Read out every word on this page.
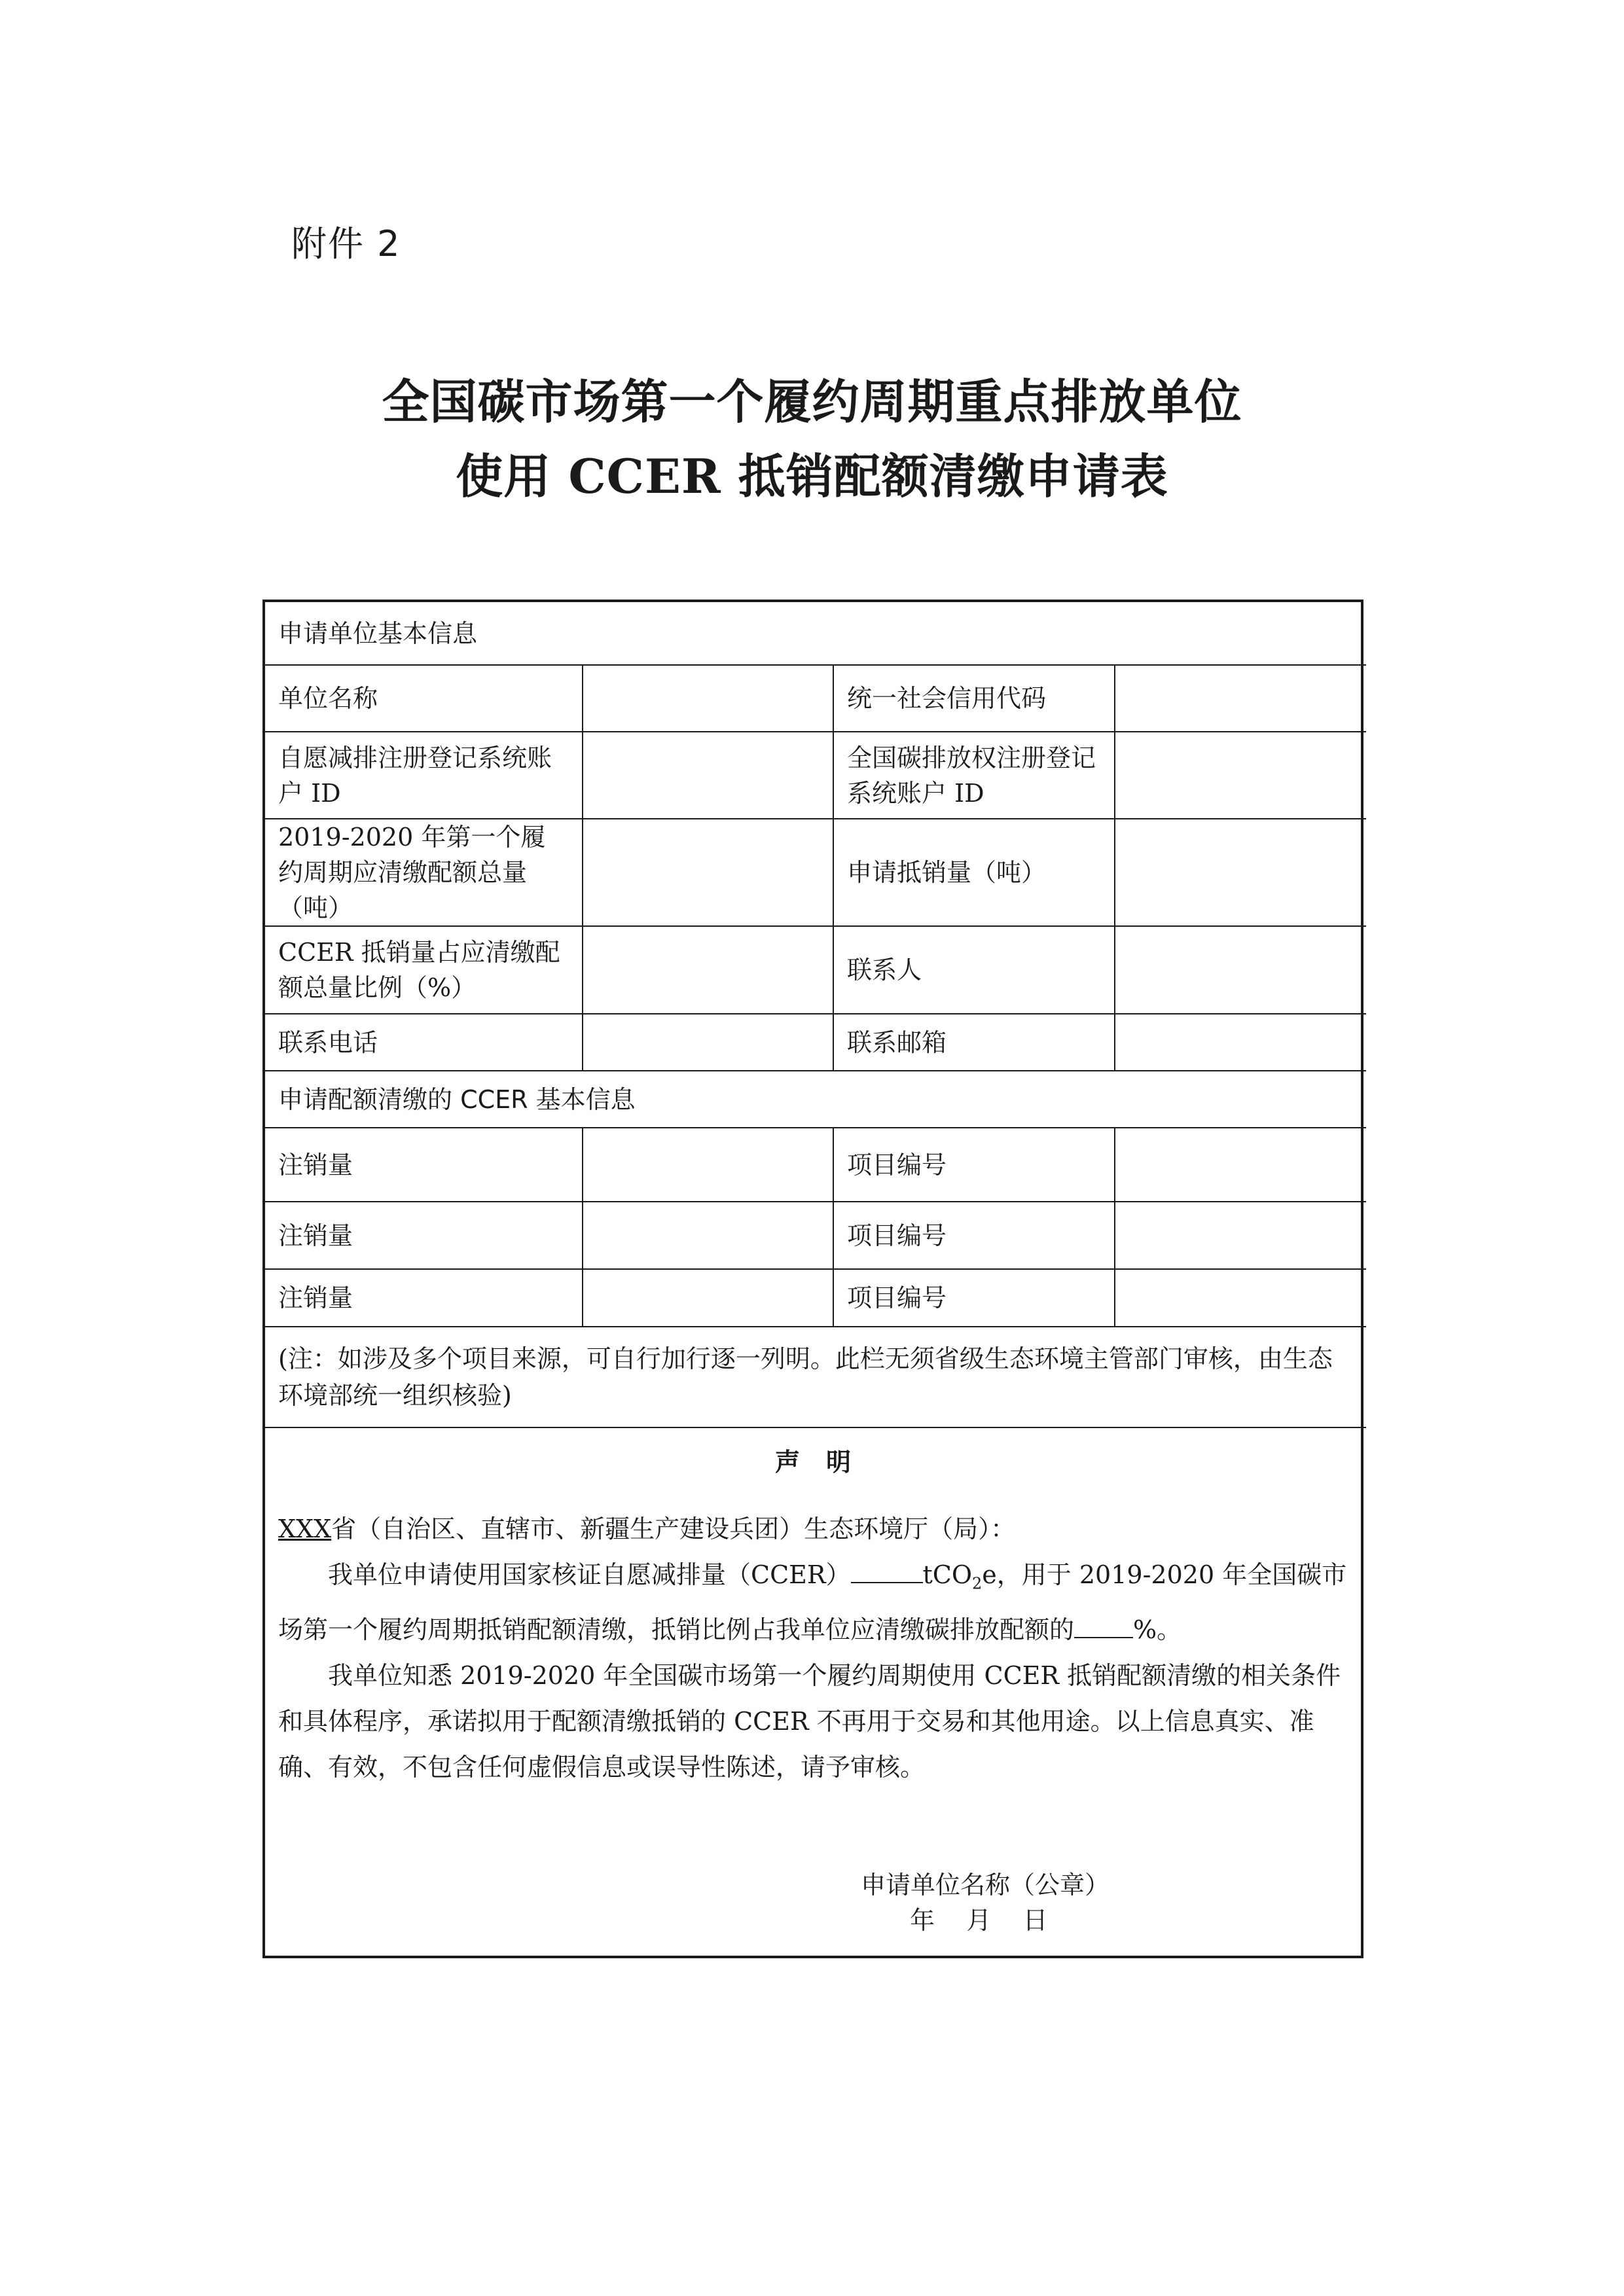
附件 2
全国碳市场第一个履约周期重点排放单位
使用 CCER 抵销配额清缴申请表
申请单位基本信息			
单位名称		统一社会信用代码	
自愿减排注册登记系统账户 ID		全国碳排放权注册登记系统账户 ID	
2019-2020 年第一个履约周期应清缴配额总量（吨）		申请抵销量（吨）	
CCER 抵销量占应清缴配额总量比例（%）		联系人	
联系电话		联系邮箱	
申请配额清缴的 CCER 基本信息			
注销量		项目编号	
注销量		项目编号	
注销量		项目编号	
(注：如涉及多个项目来源，可自行加行逐一列明。此栏无须省级生态环境主管部门审核，由生态环境部统一组织核验)			
声明

XXX省（自治区、直辖市、新疆生产建设兵团）生态环境厅（局）：

我单位申请使用国家核证自愿减排量（CCER）	tCO$_2$e，用于 2019-2020 年全国碳市场第一个履约周期抵销配额清缴，抵销比例占我单位应清缴碳排放配额的 %。

我单位知悉 2019-2020 年全国碳市场第一个履约周期使用 CCER 抵销配额清缴的相关条件和具体程序，承诺拟用于配额清缴抵销的 CCER 不再用于交易和其他用途。以上信息真实、准确、有效，不包含任何虚假信息或误导性陈述，请予审核。

申请单位名称（公章）
年    月    日
